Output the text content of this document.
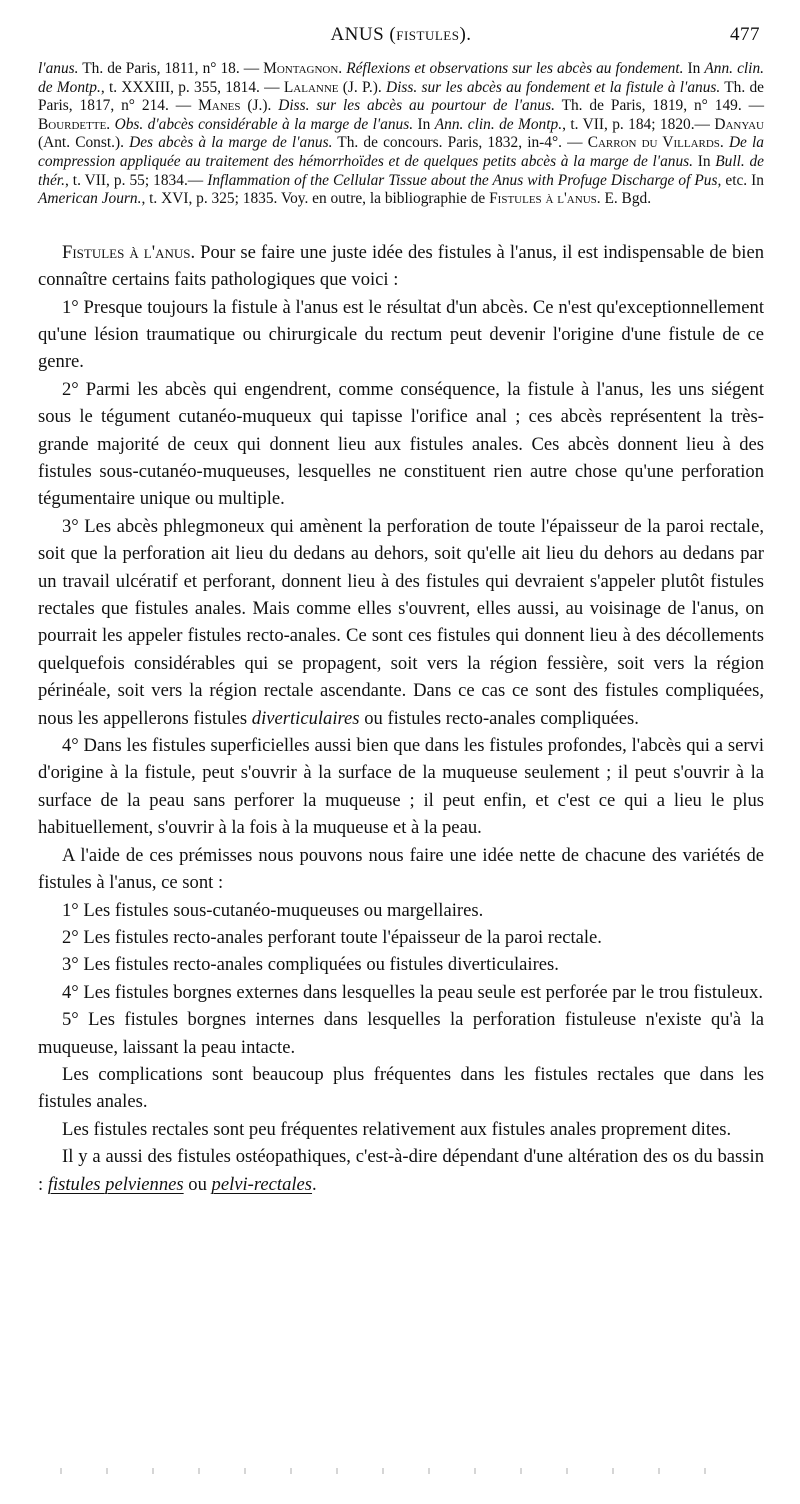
ANUS (fistules).	477
l'anus. Th. de Paris, 1811, n° 18. — Montagnon. Réflexions et observations sur les abcès au fondement. In Ann. clin. de Montp., t. XXXIII, p. 355, 1814. — Lalanne (J. P.). Diss. sur les abcès au fondement et la fistule à l'anus. Th. de Paris, 1817, n° 214. — Manes (J.). Diss. sur les abcès au pourtour de l'anus. Th. de Paris, 1819, n° 149. — Bourdette. Obs. d'abcès considérable à la marge de l'anus. In Ann. clin. de Montp., t. VII, p. 184; 1820.— Danyau (Ant. Const.). Des abcès à la marge de l'anus. Th. de concours. Paris, 1832, in-4°. — Carron du Villards. De la compression appliquée au traitement des hémorrhoïdes et de quelques petits abcès à la marge de l'anus. In Bull. de thér., t. VII, p. 55; 1834.— Inflammation of the Cellular Tissue about the Anus with Profuge Discharge of Pus, etc. In American Journ., t. XVI, p. 325; 1835. Voy. en outre, la bibliographie de Fistules à l'anus. E. Bgd.

Fistules à l'anus. Pour se faire une juste idée des fistules à l'anus, il est indispensable de bien connaître certains faits pathologiques que voici :

1° Presque toujours la fistule à l'anus est le résultat d'un abcès. Ce n'est qu'exceptionnellement qu'une lésion traumatique ou chirurgicale du rectum peut devenir l'origine d'une fistule de ce genre.

2° Parmi les abcès qui engendrent, comme conséquence, la fistule à l'anus, les uns siégent sous le tégument cutanéo-muqueux qui tapisse l'orifice anal ; ces abcès représentent la très-grande majorité de ceux qui donnent lieu aux fistules anales. Ces abcès donnent lieu à des fistules sous-cutanéo-muqueuses, lesquelles ne constituent rien autre chose qu'une perforation tégumentaire unique ou multiple.

3° Les abcès phlegmoneux qui amènent la perforation de toute l'épaisseur de la paroi rectale, soit que la perforation ait lieu du dedans au dehors, soit qu'elle ait lieu du dehors au dedans par un travail ulcératif et perforant, donnent lieu à des fistules qui devraient s'appeler plutôt fistules rectales que fistules anales. Mais comme elles s'ouvrent, elles aussi, au voisinage de l'anus, on pourrait les appeler fistules recto-anales. Ce sont ces fistules qui donnent lieu à des décollements quelquefois considérables qui se propagent, soit vers la région fessière, soit vers la région périnéale, soit vers la région rectale ascendante. Dans ce cas ce sont des fistules compliquées, nous les appellerons fistules diverticulaires ou fistules recto-anales compliquées.

4° Dans les fistules superficielles aussi bien que dans les fistules profondes, l'abcès qui a servi d'origine à la fistule, peut s'ouvrir à la surface de la muqueuse seulement ; il peut s'ouvrir à la surface de la peau sans perforer la muqueuse ; il peut enfin, et c'est ce qui a lieu le plus habituellement, s'ouvrir à la fois à la muqueuse et à la peau.

A l'aide de ces prémisses nous pouvons nous faire une idée nette de chacune des variétés de fistules à l'anus, ce sont :

1° Les fistules sous-cutanéo-muqueuses ou margellaires.

2° Les fistules recto-anales perforant toute l'épaisseur de la paroi rectale.

3° Les fistules recto-anales compliquées ou fistules diverticulaires.

4° Les fistules borgnes externes dans lesquelles la peau seule est perforée par le trou fistuleux.

5° Les fistules borgnes internes dans lesquelles la perforation fistuleuse n'existe qu'à la muqueuse, laissant la peau intacte.

Les complications sont beaucoup plus fréquentes dans les fistules rectales que dans les fistules anales.

Les fistules rectales sont peu fréquentes relativement aux fistules anales proprement dites.

Il y a aussi des fistules ostéopathiques, c'est-à-dire dépendant d'une altération des os du bassin : fistules pelviennes ou pelvi-rectales.
